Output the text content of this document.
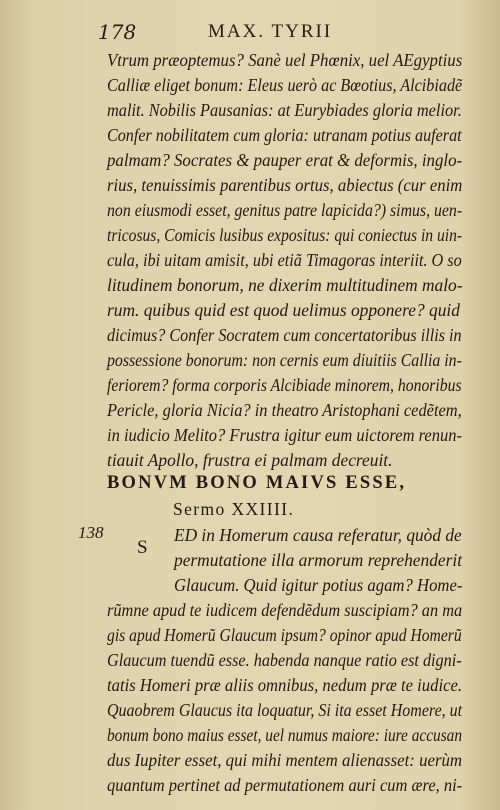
178	MAX. TYRII
Vtrum præoptemus? Sanè uel Phœnix, uel AEgyptius
Calliæ eliget bonum: Eleus uerò ac Bœotius, Alcibiadẽ
malit. Nobilis Pausanias: at Eurybiades gloria melior.
Confer nobilitatem cum gloria: utranam potius auferat
palmam? Socrates & pauper erat & deformis, inglo-
rius, tenuissimis parentibus ortus, abiectus (cur enim
non eiusmodi esset, genitus patre lapicida?) simus, uen-
tricosus, Comicis lusibus expositus: qui coniectus in uin-
cula, ibi uitam amisit, ubi etiã Timagoras interiit. O so
litudinem bonorum, ne dixerim multitudinem malo-
rum. quibus quid est quod uelimus opponere? quid
dicimus? Confer Socratem cum concertatoribus illis in
possessione bonorum: non cernis eum diuitiis Callia in-
feriorem? forma corporis Alcibiade minorem, honoribus
Pericle, gloria Nicia? in theatro Aristophani cedẽtem,
in iudicio Melito? Frustra igitur eum uictorem renun-
tiauit Apollo, frustra ei palmam decreuit.
BONVM BONO MAIVS ESSE,
Sermo XXIIII.
138
S
ED in Homerum causa referatur, quòd de
permutatione illa armorum reprehenderit
Glaucum. Quid igitur potius agam? Home-
rũmne apud te iudicem defendẽdum suscipiam? an ma
gis apud Homerũ Glaucum ipsum? opinor apud Homerũ
Glaucum tuendũ esse. habenda nanque ratio est digni-
tatis Homeri præ aliis omnibus, nedum præ te iudice.
Quaobrem Glaucus ita loquatur, Si ita esset Homere, ut
bonum bono maius esset, uel numus maiore: iure accusan
dus Iupiter esset, qui mihi mentem alienasset: uerùm
quantum pertinet ad permutationem auri cum ære, ni-
